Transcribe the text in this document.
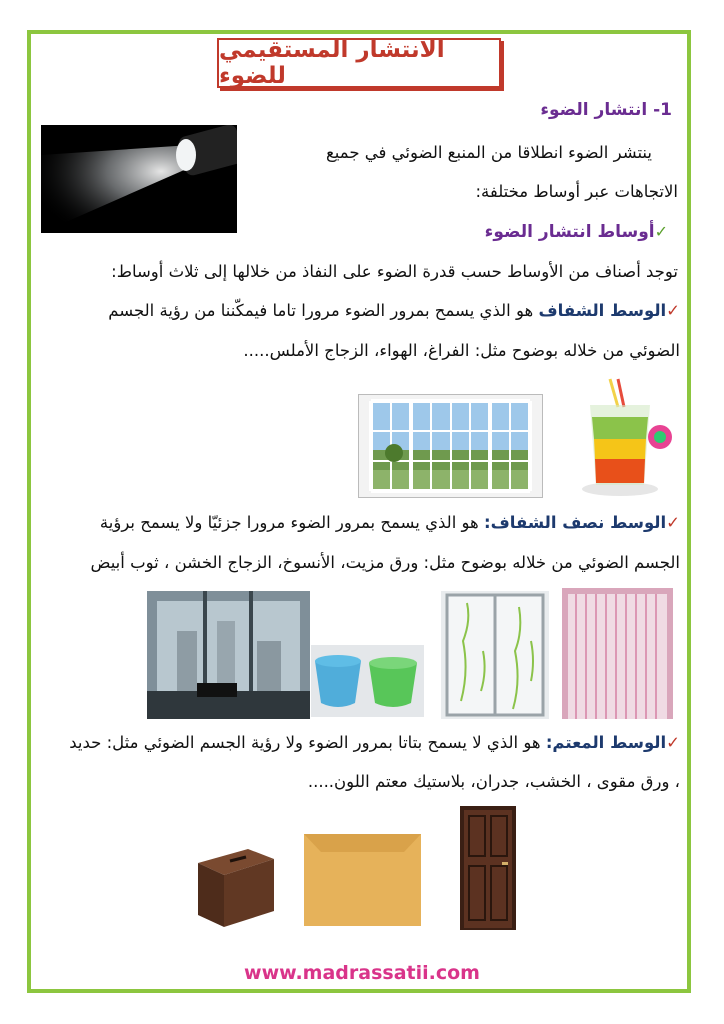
الانتشار المستقيمي للضوء
1- انتشار الضوء
ينتشر الضوء انطلاقا من المنبع الضوئي في جميع
الاتجاهات عبر أوساط مختلفة:
✓أوساط انتشار الضوء
توجد أصناف من الأوساط حسب قدرة الضوء على النفاذ من خلالها إلى ثلاث أوساط:
✓الوسط الشفاف هو الذي يسمح بمرور الضوء مرورا تاما فيمكّننا من رؤية الجسم
الضوئي من خلاله بوضوح مثل: الفراغ، الهواء، الزجاج الأملس.....
✓الوسط نصف الشفاف: هو الذي يسمح بمرور الضوء مرورا جزئيّا ولا يسمح برؤية
الجسم الضوئي من خلاله بوضوح مثل: ورق مزيت، الأنسوخ، الزجاج الخشن ، ثوب أبيض
✓الوسط المعتم: هو الذي لا يسمح بتاتا بمرور الضوء ولا رؤية الجسم الضوئي مثل: حديد
، ورق مقوى ، الخشب، جدران، بلاستيك معتم اللون.....
www.madrassatii.com
